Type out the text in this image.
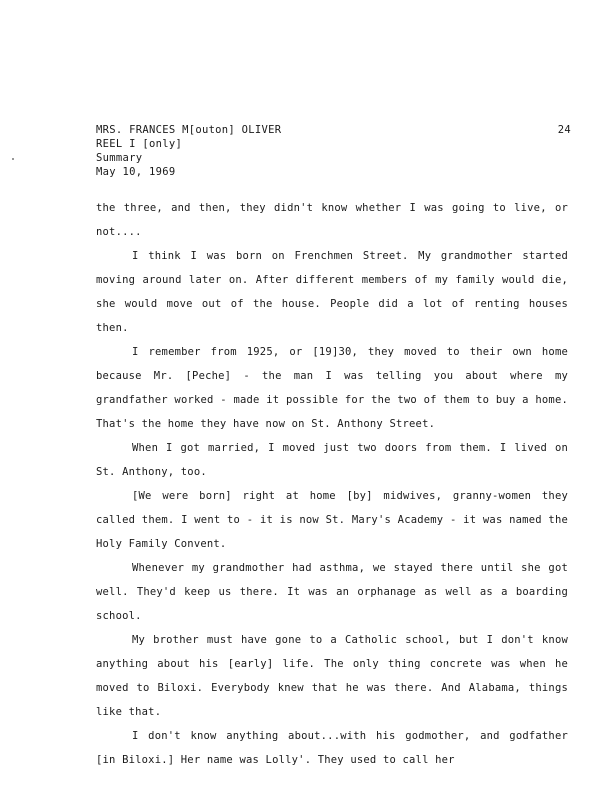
MRS. FRANCES M[outon] OLIVER	24
REEL I [only]
Summary
May 10, 1969

the three, and then, they didn't know whether I was going to live, or not....

I think I was born on Frenchmen Street. My grandmother started moving around later on. After different members of my family would die, she would move out of the house. People did a lot of renting houses then.

I remember from 1925, or [19]30, they moved to their own home because Mr. [Peche] - the man I was telling you about where my grandfather worked - made it possible for the two of them to buy a home. That's the home they have now on St. Anthony Street.

When I got married, I moved just two doors from them. I lived on St. Anthony, too.

[We were born] right at home [by] midwives, granny-women they called them. I went to - it is now St. Mary's Academy - it was named the Holy Family Convent.

Whenever my grandmother had asthma, we stayed there until she got well. They'd keep us there. It was an orphanage as well as a boarding school.

My brother must have gone to a Catholic school, but I don't know anything about his [early] life. The only thing concrete was when he moved to Biloxi. Everybody knew that he was there. And Alabama, things like that.

I don't know anything about...with his godmother, and godfather [in Biloxi.] Her name was Lolly'. They used to call her
